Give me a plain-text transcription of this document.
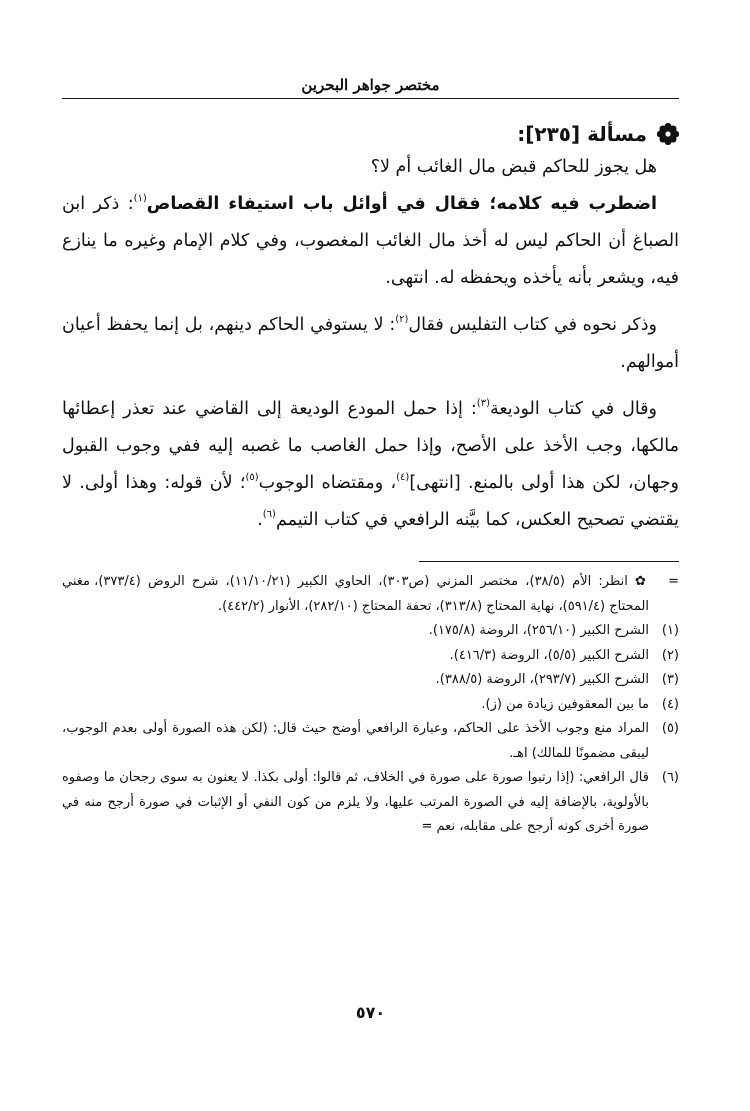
مختصر جواهر البحرين
مسألة [٢٣٥]:

هل يجوز للحاكم قبض مال الغائب أم لا؟

اضطرب فيه كلامه؛ فقال في أوائل باب استيفاء القصاص$^{(١)}$: ذكر ابن الصباغ أن الحاكم ليس له أخذ مال الغائب المغصوب، وفي كلام الإمام وغيره ما ينازع فيه، ويشعر بأنه يأخذه ويحفظه له. انتهى.

وذكر نحوه في كتاب التفليس فقال$^{(٢)}$: لا يستوفي الحاكم دينهم، بل إنما يحفظ أعيان أموالهم.

وقال في كتاب الوديعة$^{(٣)}$: إذا حمل المودع الوديعة إلى القاضي عند تعذر إعطائها مالكها، وجب الأخذ على الأصح، وإذا حمل الغاصب ما غصبه إليه ففي وجوب القبول وجهان، لكن هذا أولى بالمنع. [انتهى]$^{(٤)}$، ومقتضاه الوجوب$^{(٥)}$؛ لأن قوله: وهذا أولى. لا يقتضي تصحيح العكس، كما بيَّنه الرافعي في كتاب التيمم$^{(٦)}$.

=
✿ انظر: الأم (٣٨/٥)، مختصر المزني (ص٣٠٣)، الحاوي الكبير (١١/١٠/٢١)، شرح الروض (٣٧٣/٤)، مغني المحتاج (٥٩١/٤)، نهاية المحتاج (٣١٣/٨)، تحفة المحتاج (٢٨٢/١٠)، الأنوار (٤٤٢/٢).
(١)
الشرح الكبير (٢٥٦/١٠)، الروضة (١٧٥/٨).
(٢)
الشرح الكبير (٥/٥)، الروضة (٤١٦/٣).
(٣)
الشرح الكبير (٢٩٣/٧)، الروضة (٣٨٨/٥).
(٤)
ما بين المعقوفين زيادة من (ز).
(٥)
المراد منع وجوب الأخذ على الحاكم، وعبارة الرافعي أوضح حيث قال: (لكن هذه الصورة أولى بعدم الوجوب، ليبقى مضمونًا للمالك) اهـ.
(٦)
قال الرافعي: (إذا رتبوا صورة على صورة في الخلاف، ثم قالوا: أولى بكذا. لا يعنون به سوى رجحان ما وصفوه بالأولوية، بالإضافة إليه في الصورة المرتب عليها، ولا يلزم من كون النفي أو الإثبات في صورة أرجح منه في صورة أخرى كونه أرجح على مقابله، نعم =
٥٧٠
